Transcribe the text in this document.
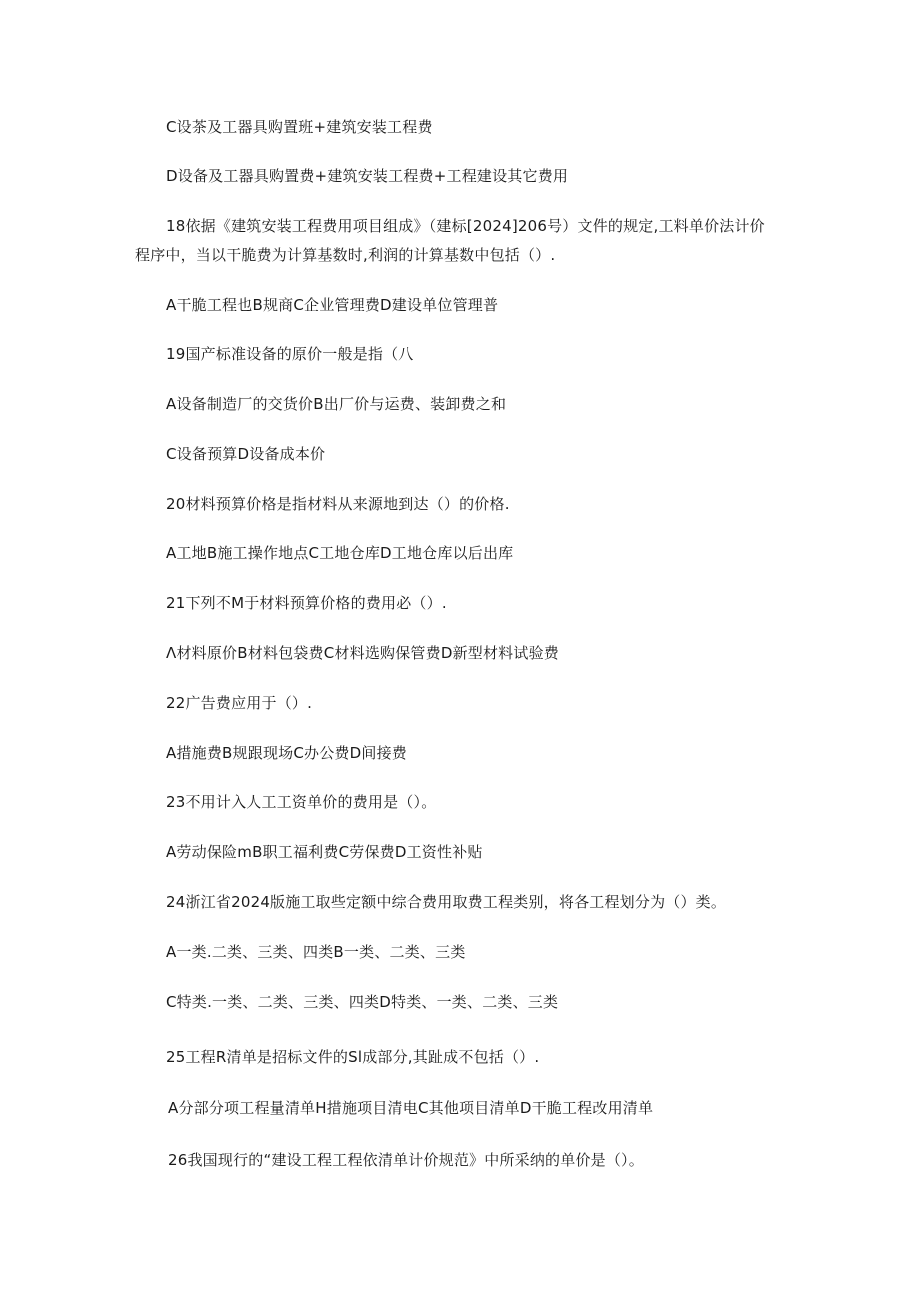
C设茶及工器具购置班+建筑安装工程费
D设备及工器具购置费+建筑安装工程费+工程建设其它费用
18依据《建筑安装工程费用项目组成》（建标[2024]206号）文件的规定,工料单价法计价
程序中，当以干脆费为计算基数时,利润的计算基数中包括（）.
A干脆工程也B规商C企业管理费D建设单位管理普
19国产标准设备的原价一般是指（八
A设备制造厂的交货价B出厂价与运费、装卸费之和
C设备预算D设备成本价
20材料预算价格是指材料从来源地到达（）的价格.
A工地B施工操作地点C工地仓库D工地仓库以后出库
21下列不M于材料预算价格的费用必（）.
Λ材料原价B材料包袋费C材料选购保管费D新型材料试验费
22广告费应用于（）.
A措施费B规跟现场C办公费D间接费
23不用计入人工工资单价的费用是（）。
A劳动保险mB职工福利费C劳保费D工资性补贴
24浙江省2024版施工取些定额中综合费用取费工程类别，将各工程划分为（）类。
A一类.二类、三类、四类B一类、二类、三类
C特类.一类、二类、三类、四类D特类、一类、二类、三类
25工程R清单是招标文件的Sl成部分,其趾成不包括（）.
A分部分项工程量清单H措施项目清电C其他项目清单D干脆工程改用清单
26我国现行的“建设工程工程依清单计价规范》中所采纳的单价是（）。
